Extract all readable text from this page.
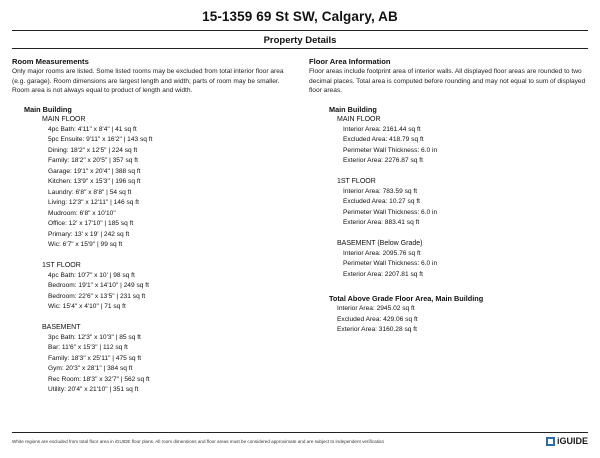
15-1359 69 St SW, Calgary, AB
Property Details
Room Measurements
Only major rooms are listed. Some listed rooms may be excluded from total interior floor area
(e.g. garage). Room dimensions are largest length and width; parts of room may be smaller.
Room area is not always equal to product of length and width.
Main Building
MAIN FLOOR
4pc Bath: 4'11" x 8'4" | 41 sq ft
5pc Ensuite: 9'11" x 16'2" | 143 sq ft
Dining: 18'2" x 12'5" | 224 sq ft
Family: 18'2" x 20'5" | 357 sq ft
Garage: 19'1" x 20'4" | 388 sq ft
Kitchen: 13'9" x 15'3" | 196 sq ft
Laundry: 6'8" x 8'8" | 54 sq ft
Living: 12'3" x 12'11" | 146 sq ft
Mudroom: 6'8" x 10'10"
Office: 12' x 17'10" | 185 sq ft
Primary: 13' x 19' | 242 sq ft
Wic: 6'7" x 15'9" | 99 sq ft
1ST FLOOR
4pc Bath: 10'7" x 10' | 98 sq ft
Bedroom: 19'1" x 14'10" | 249 sq ft
Bedroom: 22'6" x 13'5" | 231 sq ft
Wic: 15'4" x 4'10" | 71 sq ft
BASEMENT
3pc Bath: 12'3" x 10'3" | 85 sq ft
Bar: 11'6" x 15'3" | 112 sq ft
Family: 18'3" x 25'11" | 475 sq ft
Gym: 20'3" x 28'1" | 384 sq ft
Rec Room: 18'3" x 32'7" | 562 sq ft
Utility: 20'4" x 21'10" | 351 sq ft
Floor Area Information
Floor areas include footprint area of interior walls. All displayed floor areas are rounded to two
decimal places. Total area is computed before rounding and may not equal to sum of displayed
floor areas.
Main Building
MAIN FLOOR
Interior Area: 2161.44 sq ft
Excluded Area: 418.79 sq ft
Perimeter Wall Thickness: 6.0 in
Exterior Area: 2276.87 sq ft
1ST FLOOR
Interior Area: 783.59 sq ft
Excluded Area: 10.27 sq ft
Perimeter Wall Thickness: 6.0 in
Exterior Area: 883.41 sq ft
BASEMENT (Below Grade)
Interior Area: 2095.76 sq ft
Perimeter Wall Thickness: 6.0 in
Exterior Area: 2207.81 sq ft
Total Above Grade Floor Area, Main Building
Interior Area: 2945.02 sq ft
Excluded Area: 429.06 sq ft
Exterior Area: 3160.28 sq ft
White regions are excluded from total floor area in iGUIDE floor plans. All room dimensions and floor areas must be considered approximate and are subject to independent verification	iGUIDE
